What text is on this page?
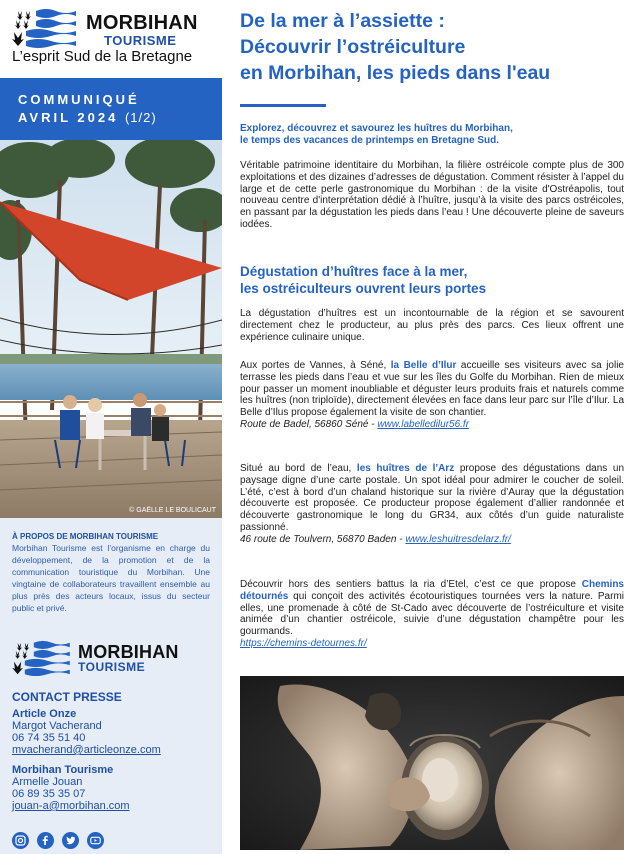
MORBIHAN
TOURISME
L’esprit Sud de la Bretagne
COMMUNIQUÉ
AVRIL 2024 (1/2)
© GAËLLE LE BOULICAUT
À PROPOS DE MORBIHAN TOURISME
Morbihan Tourisme est l’organisme en charge du développement, de la promotion et de la communication touristique du Morbihan. Une vingtaine de collaborateurs travaillent ensemble au plus près des acteurs locaux, issus du secteur public et privé.
MORBIHAN
TOURISME
CONTACT PRESSE
Article Onze
Margot Vacherand
06 74 35 51 40
mvacherand@articleonze.com
Morbihan Tourisme
Armelle Jouan
06 89 35 35 07
jouan-a@morbihan.com
De la mer à l’assiette :
Découvrir l’ostréiculture
en Morbihan, les pieds dans l'eau
Explorez, découvrez et savourez les huîtres du Morbihan,
le temps des vacances de printemps en Bretagne Sud.

Véritable patrimoine identitaire du Morbihan, la filière ostréicole compte plus de 300 exploitations et des dizaines d’adresses de dégustation. Comment résister à l’appel du large et de cette perle gastronomique du Morbihan : de la visite d'Ostréapolis, tout nouveau centre d'interprétation dédié à l’huître, jusqu’à la visite des parcs ostréicoles, en passant par la dégustation les pieds dans l’eau ! Une découverte pleine de saveurs iodées.

Dégustation d’huîtres face à la mer,
les ostréiculteurs ouvrent leurs portes

La dégustation d’huîtres est un incontournable de la région et se savourent directement chez le producteur, au plus près des parcs. Ces lieux offrent une expérience culinaire unique.

Aux portes de Vannes, à Séné, la Belle d’Ilur accueille ses visiteurs avec sa jolie terrasse les pieds dans l’eau et vue sur les îles du Golfe du Morbihan. Rien de mieux pour passer un moment inoubliable et déguster leurs produits frais et naturels comme les huîtres (non triploïde), directement élevées en face dans leur parc sur l’île d’Ilur. La Belle d’Ilus propose également la visite de son chantier.
Route de Badel, 56860 Séné - www.labelledilur56.fr

Situé au bord de l’eau, les huîtres de l’Arz propose des dégustations dans un paysage digne d’une carte postale. Un spot idéal pour admirer le coucher de soleil. L’été, c’est à bord d’un chaland historique sur la rivière d’Auray que la dégustation découverte est proposée. Ce producteur propose également d’allier randonnée et découverte gastronomique le long du GR34, aux côtés d’un guide naturaliste passionné.
46 route de Toulvern, 56870 Baden - www.leshuitresdelarz.fr/

Découvrir hors des sentiers battus la ria d’Etel, c’est ce que propose Chemins détournés qui conçoit des activités écotouristiques tournées vers la nature. Parmi elles, une promenade à côté de St-Cado avec découverte de l’ostréiculture et visite animée d’un chantier ostréicole, suivie d’une dégustation champêtre pour les gourmands.
https://chemins-detournes.fr/
